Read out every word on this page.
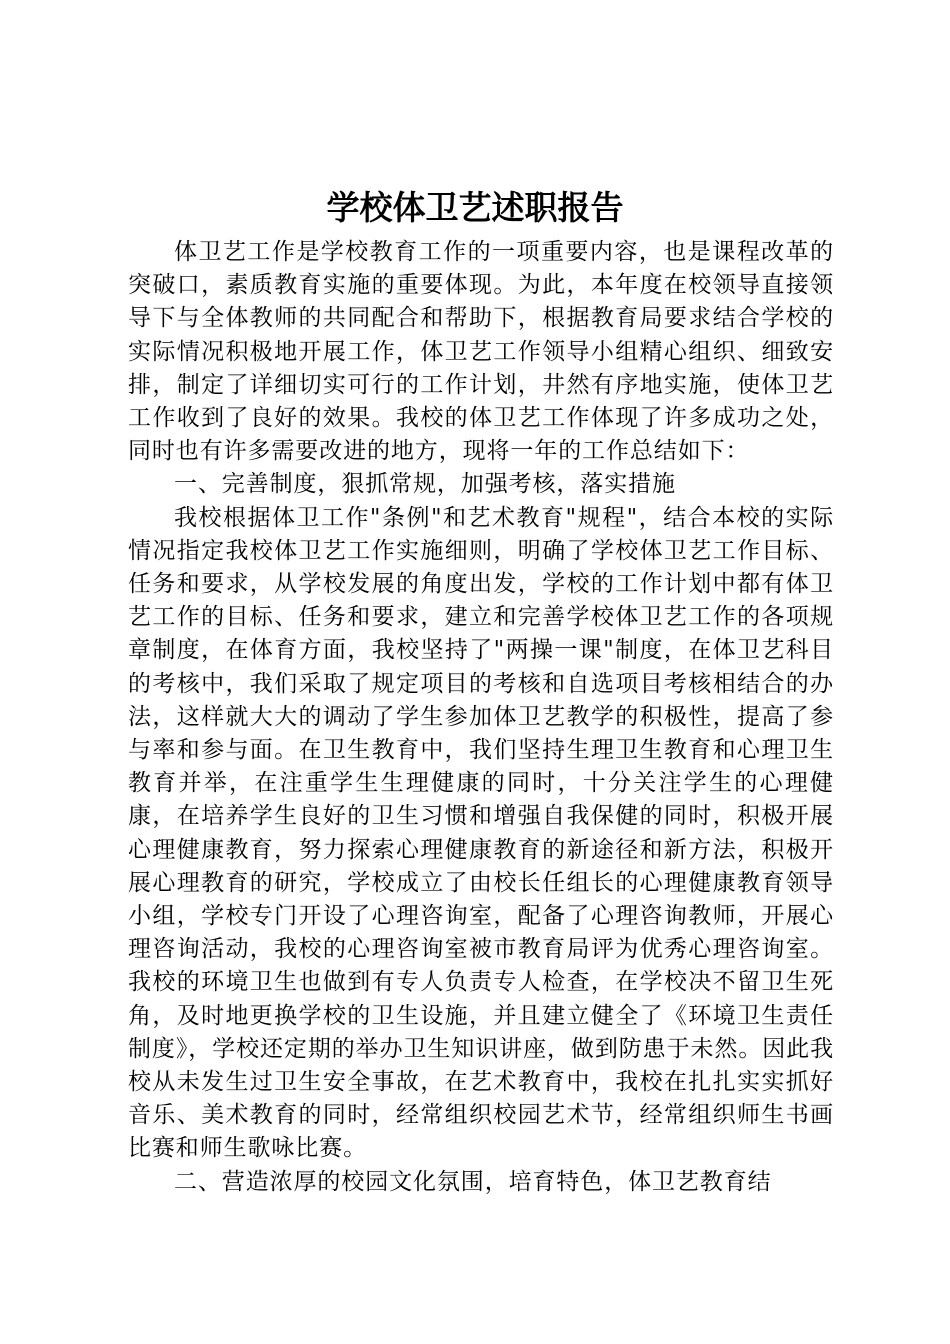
学校体卫艺述职报告

体卫艺工作是学校教育工作的一项重要内容，也是课程改革的突破口，素质教育实施的重要体现。为此，本年度在校领导直接领导下与全体教师的共同配合和帮助下，根据教育局要求结合学校的实际情况积极地开展工作，体卫艺工作领导小组精心组织、细致安排，制定了详细切实可行的工作计划，井然有序地实施，使体卫艺工作收到了良好的效果。我校的体卫艺工作体现了许多成功之处，同时也有许多需要改进的地方，现将一年的工作总结如下：

一、完善制度，狠抓常规，加强考核，落实措施

我校根据体卫工作"条例"和艺术教育"规程"，结合本校的实际情况指定我校体卫艺工作实施细则，明确了学校体卫艺工作目标、任务和要求，从学校发展的角度出发，学校的工作计划中都有体卫艺工作的目标、任务和要求，建立和完善学校体卫艺工作的各项规章制度，在体育方面，我校坚持了"两操一课"制度，在体卫艺科目的考核中，我们采取了规定项目的考核和自选项目考核相结合的办法，这样就大大的调动了学生参加体卫艺教学的积极性，提高了参与率和参与面。在卫生教育中，我们坚持生理卫生教育和心理卫生教育并举，在注重学生生理健康的同时，十分关注学生的心理健康，在培养学生良好的卫生习惯和增强自我保健的同时，积极开展心理健康教育，努力探索心理健康教育的新途径和新方法，积极开展心理教育的研究，学校成立了由校长任组长的心理健康教育领导小组，学校专门开设了心理咨询室，配备了心理咨询教师，开展心理咨询活动，我校的心理咨询室被市教育局评为优秀心理咨询室。我校的环境卫生也做到有专人负责专人检查，在学校决不留卫生死角，及时地更换学校的卫生设施，并且建立健全了《环境卫生责任制度》，学校还定期的举办卫生知识讲座，做到防患于未然。因此我校从未发生过卫生安全事故，在艺术教育中，我校在扎扎实实抓好音乐、美术教育的同时，经常组织校园艺术节，经常组织师生书画比赛和师生歌咏比赛。

二、营造浓厚的校园文化氛围，培育特色，体卫艺教育结
